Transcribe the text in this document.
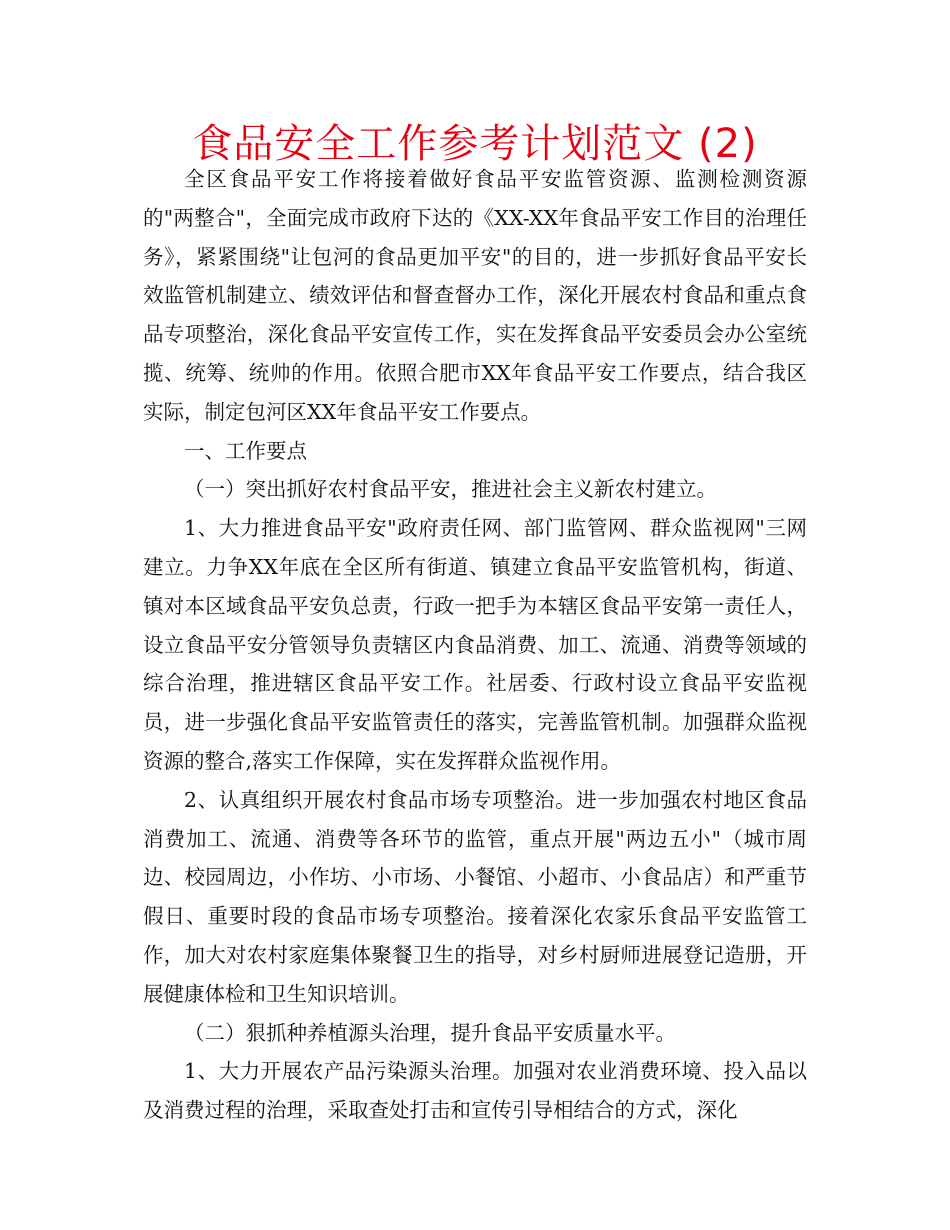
食品安全工作参考计划范文 (2)

全区食品平安工作将接着做好食品平安监管资源、监测检测资源的"两整合"，全面完成市政府下达的《XX-XX年食品平安工作目的治理任务》，紧紧围绕"让包河的食品更加平安"的目的，进一步抓好食品平安长效监管机制建立、绩效评估和督查督办工作，深化开展农村食品和重点食品专项整治，深化食品平安宣传工作，实在发挥食品平安委员会办公室统揽、统筹、统帅的作用。依照合肥市XX年食品平安工作要点，结合我区实际，制定包河区XX年食品平安工作要点。

一、工作要点

（一）突出抓好农村食品平安，推进社会主义新农村建立。

1、大力推进食品平安"政府责任网、部门监管网、群众监视网"三网建立。力争XX年底在全区所有街道、镇建立食品平安监管机构，街道、镇对本区域食品平安负总责，行政一把手为本辖区食品平安第一责任人，设立食品平安分管领导负责辖区内食品消费、加工、流通、消费等领域的综合治理，推进辖区食品平安工作。社居委、行政村设立食品平安监视员，进一步强化食品平安监管责任的落实，完善监管机制。加强群众监视资源的整合,落实工作保障，实在发挥群众监视作用。

2、认真组织开展农村食品市场专项整治。进一步加强农村地区食品消费加工、流通、消费等各环节的监管，重点开展"两边五小"（城市周边、校园周边，小作坊、小市场、小餐馆、小超市、小食品店）和严重节假日、重要时段的食品市场专项整治。接着深化农家乐食品平安监管工作，加大对农村家庭集体聚餐卫生的指导，对乡村厨师进展登记造册，开展健康体检和卫生知识培训。

（二）狠抓种养植源头治理，提升食品平安质量水平。

1、大力开展农产品污染源头治理。加强对农业消费环境、投入品以及消费过程的治理，采取查处打击和宣传引导相结合的方式，深化
